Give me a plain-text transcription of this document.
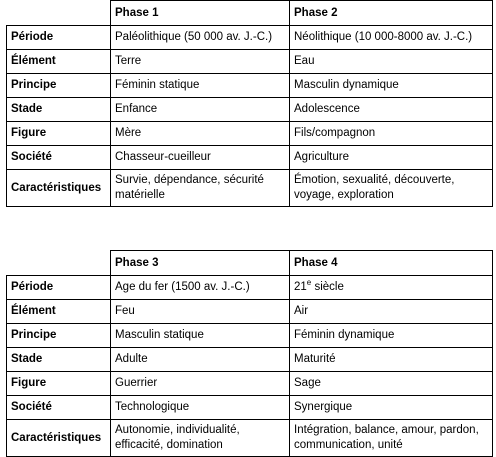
	Phase 1	Phase 2
Période	Paléolithique (50 000 av. J.-C.)	Néolithique (10 000-8000 av. J.-C.)
Élément	Terre	Eau
Principe	Féminin statique	Masculin dynamique
Stade	Enfance	Adolescence
Figure	Mère	Fils/compagnon
Société	Chasseur-cueilleur	Agriculture
Caractéristiques	Survie, dépendance, sécurité matérielle	Émotion, sexualité, découverte, voyage, exploration
	Phase 3	Phase 4
Période	Age du fer (1500 av. J.-C.)	21e siècle
Élément	Feu	Air
Principe	Masculin statique	Féminin dynamique
Stade	Adulte	Maturité
Figure	Guerrier	Sage
Société	Technologique	Synergique
Caractéristiques	Autonomie, individualité, efficacité, domination	Intégration, balance, amour, pardon, communication, unité
